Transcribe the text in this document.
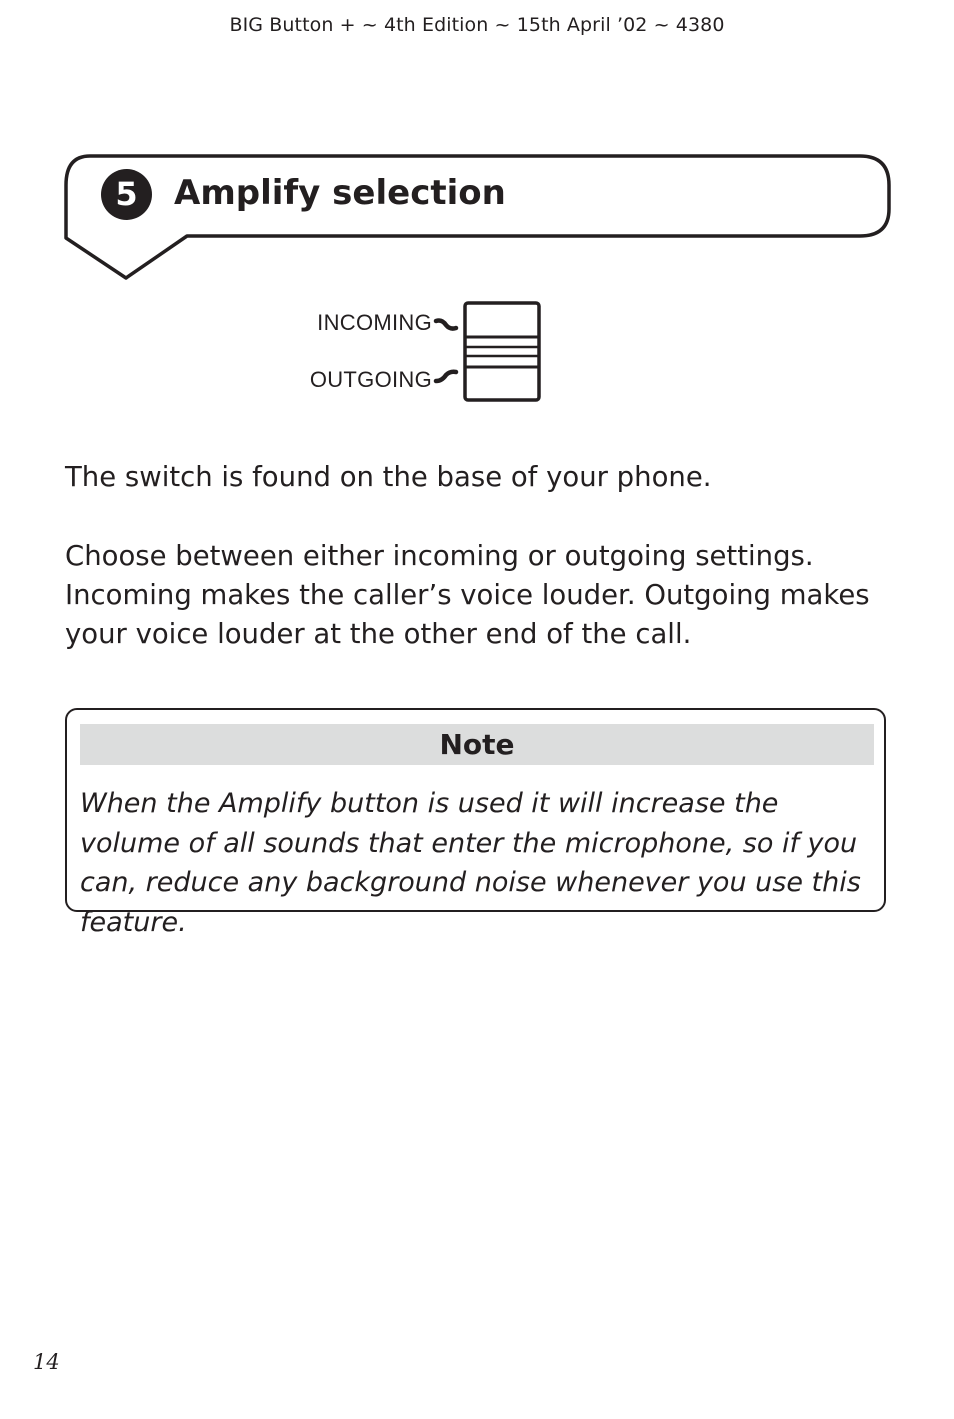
BIG Button + ~ 4th Edition ~ 15th April ’02 ~ 4380
5	Amplify selection
INCOMING
OUTGOING

The switch is found on the base of your phone.

Choose between either incoming or outgoing settings. Incoming makes the caller’s voice louder. Outgoing makes your voice louder at the other end of the call.

Note

When the Amplify button is used it will increase the volume of all sounds that enter the microphone, so if you can, reduce any background noise whenever you use this feature.

14
